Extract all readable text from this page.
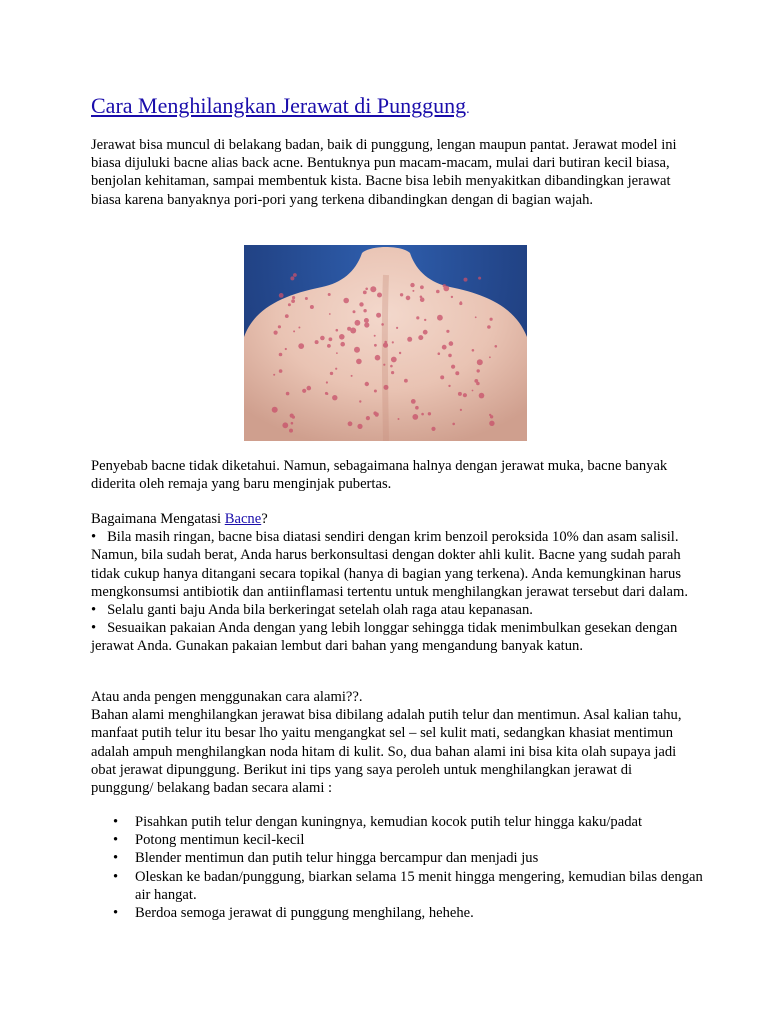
Cara Menghilangkan Jerawat di Punggung.

Jerawat bisa muncul di belakang badan, baik di punggung, lengan maupun pantat. Jerawat model ini biasa dijuluki bacne alias back acne. Bentuknya pun macam-macam, mulai dari butiran kecil biasa, benjolan kehitaman, sampai membentuk kista. Bacne bisa lebih menyakitkan dibandingkan jerawat biasa karena banyaknya pori-pori yang terkena dibandingkan dengan di bagian wajah.

Penyebab bacne tidak diketahui. Namun, sebagaimana halnya dengan jerawat muka, bacne banyak diderita oleh remaja yang baru menginjak pubertas.

Bagaimana Mengatasi Bacne?
• Bila masih ringan, bacne bisa diatasi sendiri dengan krim benzoil peroksida 10% dan asam salisil. Namun, bila sudah berat, Anda harus berkonsultasi dengan dokter ahli kulit. Bacne yang sudah parah tidak cukup hanya ditangani secara topikal (hanya di bagian yang terkena). Anda kemungkinan harus mengkonsumsi antibiotik dan antiinflamasi tertentu untuk menghilangkan jerawat tersebut dari dalam.
• Selalu ganti baju Anda bila berkeringat setelah olah raga atau kepanasan.
• Sesuaikan pakaian Anda dengan yang lebih longgar sehingga tidak menimbulkan gesekan dengan jerawat Anda. Gunakan pakaian lembut dari bahan yang mengandung banyak katun.
Atau anda pengen menggunakan cara alami??.
Bahan alami menghilangkan jerawat bisa dibilang adalah putih telur dan mentimun. Asal kalian tahu, manfaat putih telur itu besar lho yaitu mengangkat sel – sel kulit mati, sedangkan khasiat mentimun adalah ampuh menghilangkan noda hitam di kulit. So, dua bahan alami ini bisa kita olah supaya jadi obat jerawat dipunggung. Berikut ini tips yang saya peroleh untuk menghilangkan jerawat di punggung/ belakang badan secara alami :
• Pisahkan putih telur dengan kuningnya, kemudian kocok putih telur hingga kaku/padat
• Potong mentimun kecil-kecil
• Blender mentimun dan putih telur hingga bercampur dan menjadi jus
• Oleskan ke badan/punggung, biarkan selama 15 menit hingga mengering, kemudian bilas dengan air hangat.
• Berdoa semoga jerawat di punggung menghilang, hehehe.
